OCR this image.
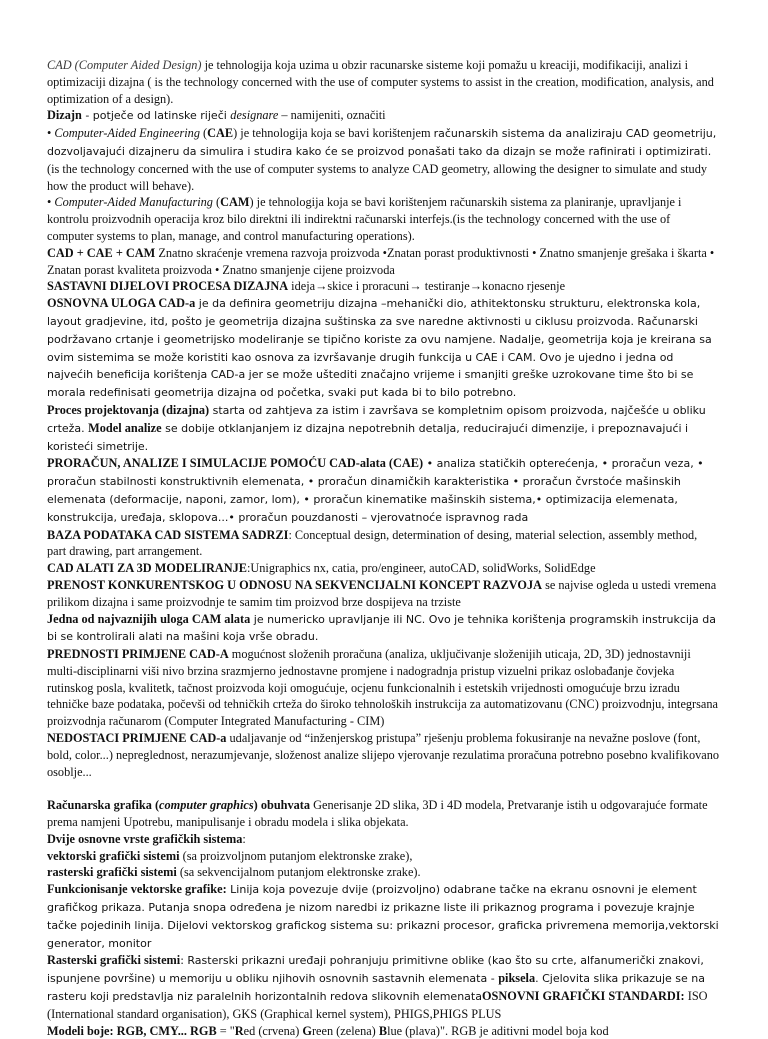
CAD (Computer Aided Design) je tehnologija koja uzima u obzir racunarske sisteme koji pomažu u kreaciji, modifikaciji, analizi i optimizaciji dizajna ( is the technology concerned with the use of computer systems to assist in the creation, modification, analysis, and optimization of a design).

Dizajn - potječe od latinske riječi designare – namijeniti, označiti

• Computer-Aided Engineering (CAE) je tehnologija koja se bavi korištenjem računarskih sistema da analiziraju CAD geometriju, dozvoljavajući dizajneru da simulira i studira kako će se proizvod ponašati tako da dizajn se može rafinirati i optimizirati.(is the technology concerned with the use of computer systems to analyze CAD geometry, allowing the designer to simulate and study how the product will behave).

• Computer-Aided Manufacturing (CAM) je tehnologija koja se bavi korištenjem računarskih sistema za planiranje, upravljanje i kontrolu proizvodnih operacija kroz bilo direktni ili indirektni računarski interfejs.(is the technology concerned with the use of computer systems to plan, manage, and control manufacturing operations).

CAD + CAE + CAM Znatno skraćenje vremena razvoja proizvoda •Znatan porast produktivnosti • Znatno smanjenje grešaka i škarta • Znatan porast kvaliteta proizvoda • Znatno smanjenje cijene proizvoda

SASTAVNI DIJELOVI PROCESA DIZAJNA ideja→skice i proracuni→ testiranje→konacno rjesenje

OSNOVNA ULOGA CAD-a je da definira geometriju dizajna –mehanički dio, athitektonsku strukturu, elektronska kola, layout gradjevine, itd, pošto je geometrija dizajna suštinska za sve naredne aktivnosti u ciklusu proizvoda. Računarski podržavano crtanje i geometrijsko modeliranje se tipično koriste za ovu namjene. Nadalje, geometrija koja je kreirana sa ovim sistemima se može koristiti kao osnova za izvršavanje drugih funkcija u CAE i CAM. Ovo je ujedno i jedna od najvećih beneficija korištenja CAD-a jer se može uštediti značajno vrijeme i smanjiti greške uzrokovane time što bi se morala redefinisati geometrija dizajna od početka, svaki put kada bi to bilo potrebno.

Proces projektovanja (dizajna) starta od zahtjeva za istim i završava se kompletnim opisom proizvoda, najčešće u obliku crteža. Model analize se dobije otklanjanjem iz dizajna nepotrebnih detalja, reducirajući dimenzije, i prepoznavajući i koristeći simetrije.

PRORAČUN, ANALIZE I SIMULACIJE POMOĆU CAD-alata (CAE) • analiza statičkih opterećenja, • proračun veza, • proračun stabilnosti konstruktivnih elemenata, • proračun dinamičkih karakteristika • proračun čvrstoće mašinskih elemenata (deformacije, naponi, zamor, lom), • proračun kinematike mašinskih sistema,• optimizacija elemenata, konstrukcija, uređaja, sklopova...• proračun pouzdanosti – vjerovatnoće ispravnog rada

BAZA PODATAKA CAD SISTEMA SADRZI: Conceptual design, determination of desing, material selection, assembly method, part drawing, part arrangement.

CAD ALATI ZA 3D MODELIRANJE:Unigraphics nx, catia, pro/engineer, autoCAD, solidWorks, SolidEdge

PRENOST KONKURENTSKOG U ODNOSU NA SEKVENCIJALNI KONCEPT RAZVOJA se najvise ogleda u ustedi vremena prilikom dizajna i same proizvodnje te samim tim proizvod brze dospijeva na trziste

Jedna od najvaznijih uloga CAM alata je numericko upravljanje ili NC. Ovo je tehnika korištenja programskih instrukcija da bi se kontrolirali alati na mašini koja vrše obradu.

PREDNOSTI PRIMJENE CAD-A mogućnost složenih proračuna (analiza, uključivanje složenijih uticaja, 2D, 3D) jednostavniji multi-disciplinarni viši nivo brzina srazmjerno jednostavne promjene i nadogradnja pristup vizuelni prikaz oslobađanje čovjeka rutinskog posla, kvalitetk, tačnost proizvoda koji omogućuje, ocjenu funkcionalnih i estetskih vrijednosti omogućuje brzu izradu tehničke baze podataka, počevši od tehničkih crteža do široko tehnoloških instrukcija za automatizovanu (CNC) proizvodnju, integrsana proizvodnja računarom (Computer Integrated Manufacturing - CIM)

NEDOSTACI PRIMJENE CAD-a udaljavanje od “inženjerskog pristupa” rješenju problema fokusiranje na nevažne poslove (font, bold, color...) nepreglednost, nerazumjevanje, složenost analize slijepo vjerovanje rezulatima proračuna potrebno posebno kvalifikovano osoblje...

Računarska grafika (computer graphics) obuhvata Generisanje 2D slika, 3D i 4D modela, Pretvaranje istih u odgovarajuće formate prema namjeni Upotrebu, manipulisanje i obradu modela i slika objekata.

Dvije osnovne vrste grafičkih sistema:

vektorski grafički sistemi (sa proizvoljnom putanjom elektronske zrake),

rasterski grafički sistemi (sa sekvencijalnom putanjom elektronske zrake).

Funkcionisanje vektorske grafike: Linija koja povezuje dvije (proizvoljno) odabrane tačke na ekranu osnovni je element grafičkog prikaza. Putanja snopa određena je nizom naredbi iz prikazne liste ili prikaznog programa i povezuje krajnje tačke pojedinih linija. Dijelovi vektorskog grafickog sistema su: prikazni procesor, graficka privremena memorija,vektorski generator, monitor

Rasterski grafički sistemi: Rasterski prikazni uređaji pohranjuju primitivne oblike (kao što su crte, alfanumerički znakovi, ispunjene površine) u memoriju u obliku njihovih osnovnih sastavnih elemenata - piksela. Cjelovita slika prikazuje se na rasteru koji predstavlja niz paralelnih horizontalnih redova slikovnih elemenataOSNOVNI GRAFIČKI STANDARDI: ISO (International standard organisation), GKS (Graphical kernel system), PHIGS,PHIGS PLUS

Modeli boje: RGB, CMY... RGB = "Red (crvena) Green (zelena) Blue (plava)". RGB je aditivni model boja kod
